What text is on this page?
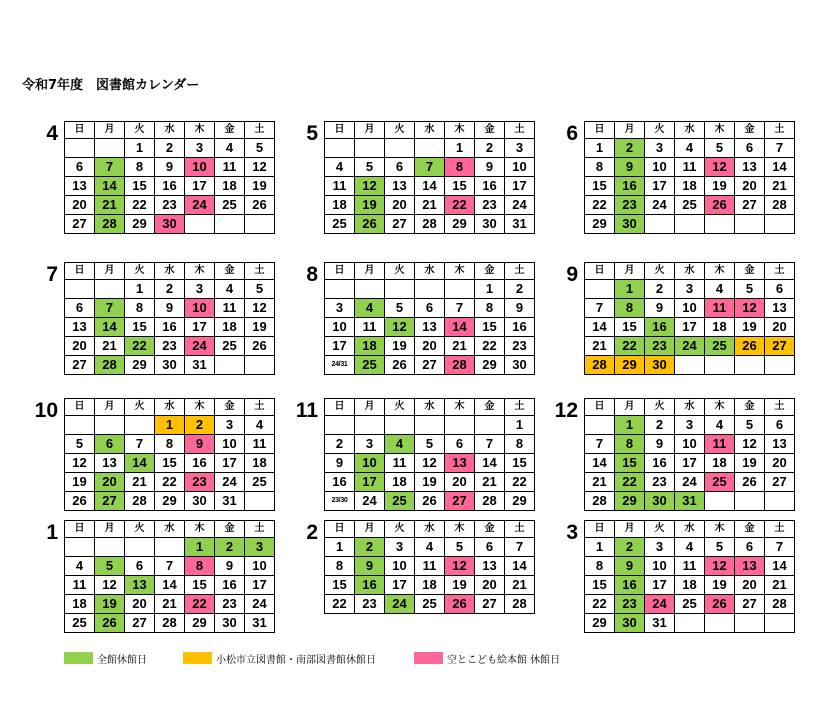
令和7年度　図書館カレンダー
4 日	月	火	水	木	金	土
		1	2	3	4	5
6	7	8	9	10	11	12
13	14	15	16	17	18	19
20	21	22	23	24	25	26
27	28	29	30			
5 日	月	火	水	木	金	土
				1	2	3
4	5	6	7	8	9	10
11	12	13	14	15	16	17
18	19	20	21	22	23	24
25	26	27	28	29	30	31
6 日	月	火	水	木	金	土
1	2	3	4	5	6	7
8	9	10	11	12	13	14
15	16	17	18	19	20	21
22	23	24	25	26	27	28
29	30					
7 日	月	火	水	木	金	土
		1	2	3	4	5
6	7	8	9	10	11	12
13	14	15	16	17	18	19
20	21	22	23	24	25	26
27	28	29	30	31		
8 日	月	火	水	木	金	土
					1	2
3	4	5	6	7	8	9
10	11	12	13	14	15	16
17	18	19	20	21	22	23
24/31	25	26	27	28	29	30
9 日	月	火	水	木	金	土
	1	2	3	4	5	6
7	8	9	10	11	12	13
14	15	16	17	18	19	20
21	22	23	24	25	26	27
28	29	30				
10 日	月	火	水	木	金	土
			1	2	3	4
5	6	7	8	9	10	11
12	13	14	15	16	17	18
19	20	21	22	23	24	25
26	27	28	29	30	31	
11 日	月	火	水	木	金	土
						1
2	3	4	5	6	7	8
9	10	11	12	13	14	15
16	17	18	19	20	21	22
23/30	24	25	26	27	28	29
12 日	月	火	水	木	金	土
	1	2	3	4	5	6
7	8	9	10	11	12	13
14	15	16	17	18	19	20
21	22	23	24	25	26	27
28	29	30	31			
1 日	月	火	水	木	金	土
				1	2	3
4	5	6	7	8	9	10
11	12	13	14	15	16	17
18	19	20	21	22	23	24
25	26	27	28	29	30	31
2 日	月	火	水	木	金	土
1	2	3	4	5	6	7
8	9	10	11	12	13	14
15	16	17	18	19	20	21
22	23	24	25	26	27	28
3 日	月	火	水	木	金	土
1	2	3	4	5	6	7
8	9	10	11	12	13	14
15	16	17	18	19	20	21
22	23	24	25	26	27	28
29	30	31				
全館休館日	小松市立図書館・南部図書館休館日	空とこども絵本館 休館日
